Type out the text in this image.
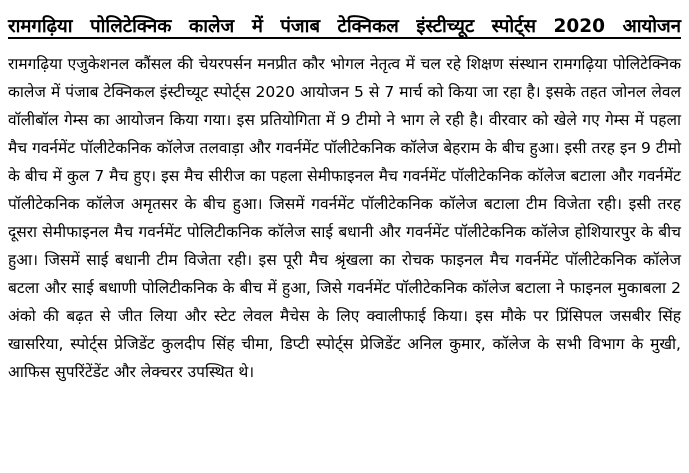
रामगढ़िया पोलिटेक्निक कालेज में पंजाब टेक्निकल इंस्टीच्यूट स्पोर्ट्स 2020 आयोजन

रामगढ़िया एजुकेशनल कौंसल की चेयरपर्सन मनप्रीत कौर भोगल नेतृत्व में चल रहे शिक्षण संस्थान रामगढ़िया पोलिटेक्निक कालेज में पंजाब टेक्निकल इंस्टीच्यूट स्पोर्ट्स 2020 आयोजन 5 से 7 मार्च को किया जा रहा है। इसके तहत जोनल लेवल वॉलीबॉल गेम्स का आयोजन किया गया। इस प्रतियोगिता में 9 टीमो ने भाग ले रही है। वीरवार को खेले गए गेम्स में पहला मैच गवर्नमेंट पॉलीटेकनिक कॉलेज तलवाड़ा और गवर्नमेंट पॉलीटेकनिक कॉलेज बेहराम के बीच हुआ। इसी तरह इन 9 टीमो के बीच में कुल 7 मैच हुए। इस मैच सीरीज का पहला सेमीफाइनल मैच गवर्नमेंट पॉलीटेकनिक कॉलेज बटाला और गवर्नमेंट पॉलीटेकनिक कॉलेज अमृतसर के बीच हुआ। जिसमें गवर्नमेंट पॉलीटेकनिक कॉलेज बटाला टीम विजेता रही। इसी तरह दूसरा सेमीफाइनल मैच गवर्नमेंट पोलिटीकनिक कॉलेज साई बधानी और गवर्नमेंट पॉलीटेकनिक कॉलेज होशियारपुर के बीच हुआ। जिसमें साई बधानी टीम विजेता रही। इस पूरी मैच श्रृंखला का रोचक फाइनल मैच गवर्नमेंट पॉलीटेकनिक कॉलेज बटला और साई बधाणी पोलिटीकनिक के बीच में हुआ, जिसे गवर्नमेंट पॉलीटेकनिक कॉलेज बटाला ने फाइनल मुकाबला 2 अंको की बढ़त से जीत लिया और स्टेट लेवल मैचेस के लिए क्वालीफाई किया। इस मौके पर प्रिंसिपल जसबीर सिंह खासरिया, स्पोर्ट्स प्रेजिडेंट कुलदीप सिंह चीमा, डिप्टी स्पोर्ट्स प्रेजिडेंट अनिल कुमार, कॉलेज के सभी विभाग के मुखी, आफिस सुपरिंटेंडेंट और लेक्चरर उपस्थित थे।
